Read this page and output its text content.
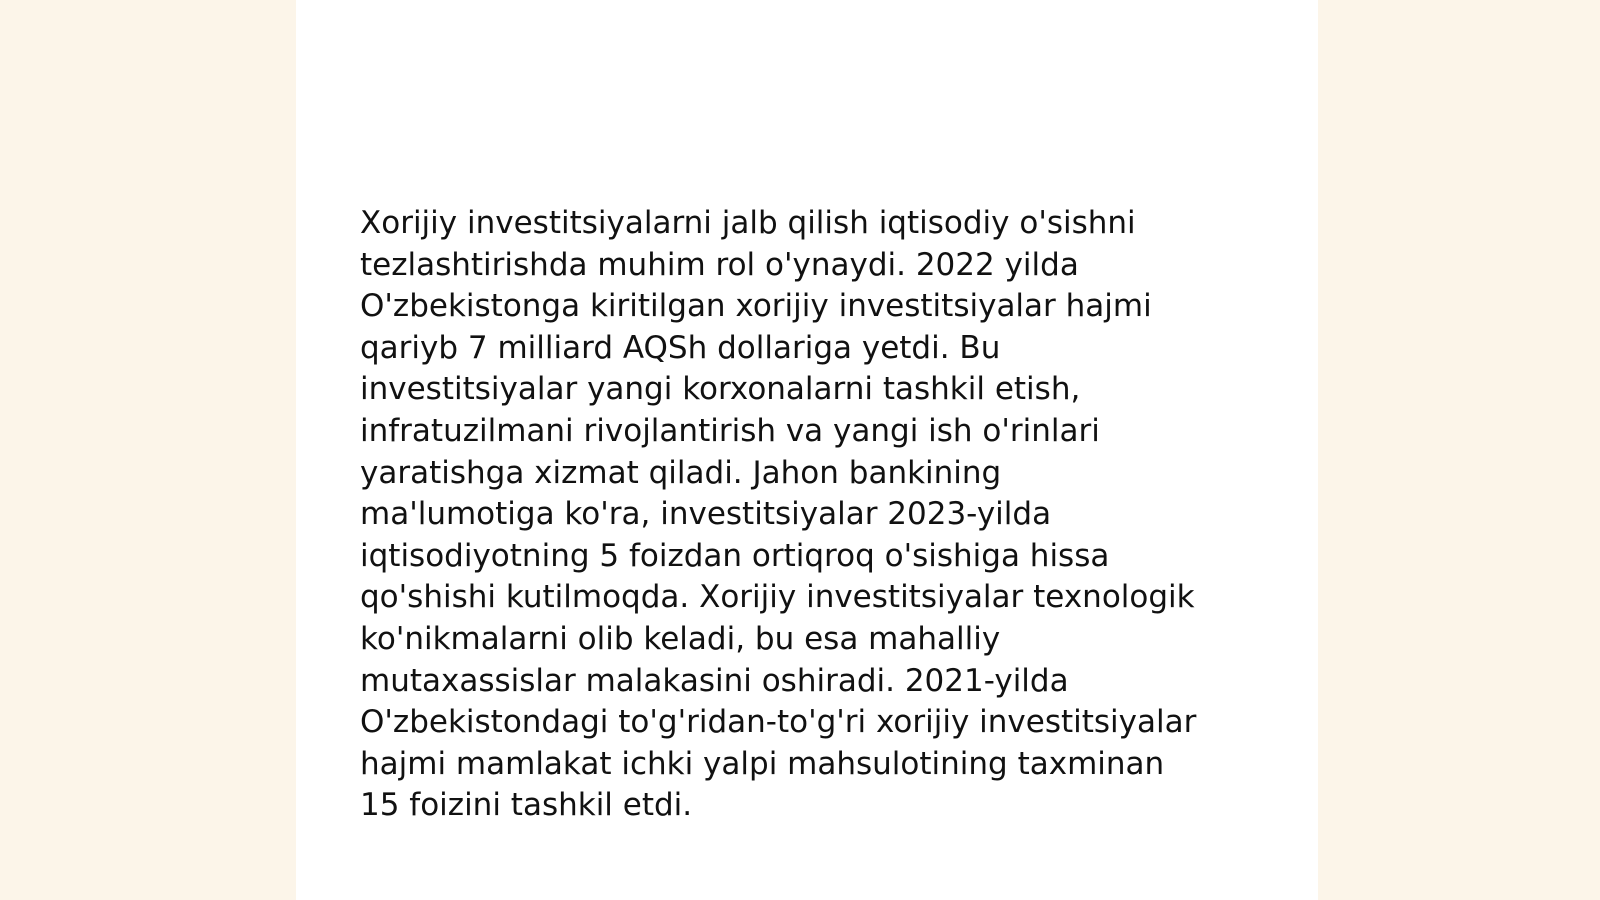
Xorijiy investitsiyalarni jalb qilish iqtisodiy o'sishni
tezlashtirishda muhim rol o'ynaydi. 2022 yilda
O'zbekistonga kiritilgan xorijiy investitsiyalar hajmi
qariyb 7 milliard AQSh dollariga yetdi. Bu
investitsiyalar yangi korxonalarni tashkil etish,
infratuzilmani rivojlantirish va yangi ish o'rinlari
yaratishga xizmat qiladi. Jahon bankining
ma'lumotiga ko'ra, investitsiyalar 2023-yilda
iqtisodiyotning 5 foizdan ortiqroq o'sishiga hissa
qo'shishi kutilmoqda. Xorijiy investitsiyalar texnologik
ko'nikmalarni olib keladi, bu esa mahalliy
mutaxassislar malakasini oshiradi. 2021-yilda
O'zbekistondagi to'g'ridan-to'g'ri xorijiy investitsiyalar
hajmi mamlakat ichki yalpi mahsulotining taxminan
15 foizini tashkil etdi.
